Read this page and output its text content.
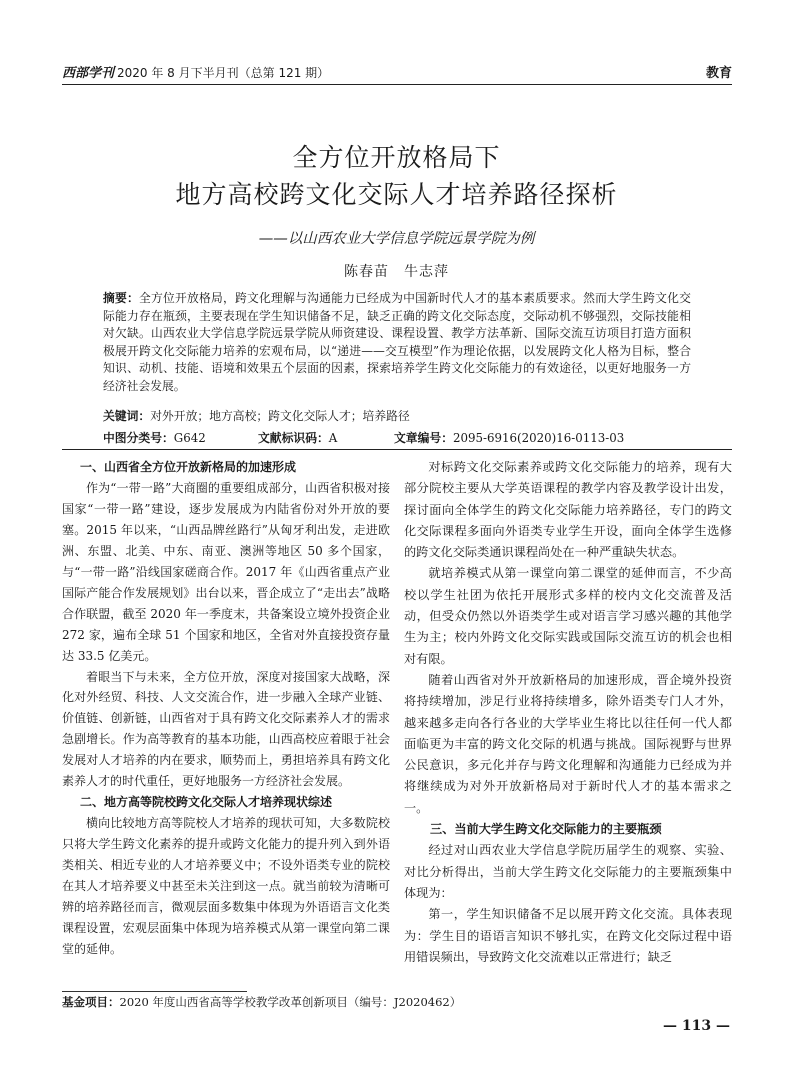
西部学刊 2020 年 8 月下半月刊（总第 121 期）	教育
全方位开放格局下
地方高校跨文化交际人才培养路径探析
——以山西农业大学信息学院远景学院为例
陈春苗　牛志萍

摘要：全方位开放格局，跨文化理解与沟通能力已经成为中国新时代人才的基本素质要求。然而大学生跨文化交际能力存在瓶颈，主要表现在学生知识储备不足，缺乏正确的跨文化交际态度，交际动机不够强烈，交际技能相对欠缺。山西农业大学信息学院远景学院从师资建设、课程设置、教学方法革新、国际交流互访项目打造方面积极展开跨文化交际能力培养的宏观布局，以“递进——交互模型”作为理论依据，以发展跨文化人格为目标，整合知识、动机、技能、语境和效果五个层面的因素，探索培养学生跨文化交际能力的有效途径，以更好地服务一方经济社会发展。

关键词：对外开放；地方高校；跨文化交际人才；培养路径
中图分类号：G642	文献标识码：A	文章编号：2095-6916(2020)16-0113-03
一、山西省全方位开放新格局的加速形成

作为“一带一路”大商圈的重要组成部分，山西省积极对接国家“一带一路”建设，逐步发展成为内陆省份对外开放的要塞。2015 年以来，“山西品牌丝路行”从匈牙利出发，走进欧洲、东盟、北美、中东、南亚、澳洲等地区 50 多个国家，与“一带一路”沿线国家磋商合作。2017 年《山西省重点产业国际产能合作发展规划》出台以来，晋企成立了“走出去”战略合作联盟，截至 2020 年一季度末，共备案设立境外投资企业 272 家，遍布全球 51 个国家和地区，全省对外直接投资存量达 33.5 亿美元。

着眼当下与未来，全方位开放，深度对接国家大战略，深化对外经贸、科技、人文交流合作，进一步融入全球产业链、价值链、创新链，山西省对于具有跨文化交际素养人才的需求急剧增长。作为高等教育的基本功能，山西高校应着眼于社会发展对人才培养的内在要求，顺势而上，勇担培养具有跨文化素养人才的时代重任，更好地服务一方经济社会发展。

二、地方高等院校跨文化交际人才培养现状综述

横向比较地方高等院校人才培养的现状可知，大多数院校只将大学生跨文化素养的提升或跨文化能力的提升列入到外语类相关、相近专业的人才培养要义中；不设外语类专业的院校在其人才培养要义中甚至未关注到这一点。就当前较为清晰可辨的培养路径而言，微观层面多数集中体现为外语语言文化类课程设置，宏观层面集中体现为培养模式从第一课堂向第二课堂的延伸。

对标跨文化交际素养或跨文化交际能力的培养，现有大部分院校主要从大学英语课程的教学内容及教学设计出发，探讨面向全体学生的跨文化交际能力培养路径，专门的跨文化交际课程多面向外语类专业学生开设，面向全体学生选修的跨文化交际类通识课程尚处在一种严重缺失状态。

就培养模式从第一课堂向第二课堂的延伸而言，不少高校以学生社团为依托开展形式多样的校内文化交流普及活动，但受众仍然以外语类学生或对语言学习感兴趣的其他学生为主；校内外跨文化交际实践或国际交流互访的机会也相对有限。

随着山西省对外开放新格局的加速形成，晋企境外投资将持续增加，涉足行业将持续增多，除外语类专门人才外，越来越多走向各行各业的大学毕业生将比以往任何一代人都面临更为丰富的跨文化交际的机遇与挑战。国际视野与世界公民意识，多元化并存与跨文化理解和沟通能力已经成为并将继续成为对外开放新格局对于新时代人才的基本需求之一。

三、当前大学生跨文化交际能力的主要瓶颈

经过对山西农业大学信息学院历届学生的观察、实验、对比分析得出，当前大学生跨文化交际能力的主要瓶颈集中体现为：

第一，学生知识储备不足以展开跨文化交流。具体表现为：学生目的语语言知识不够扎实，在跨文化交际过程中语用错误频出，导致跨文化交流难以正常进行；缺乏

基金项目：2020 年度山西省高等学校教学改革创新项目（编号：J2020462）
— 113 —
